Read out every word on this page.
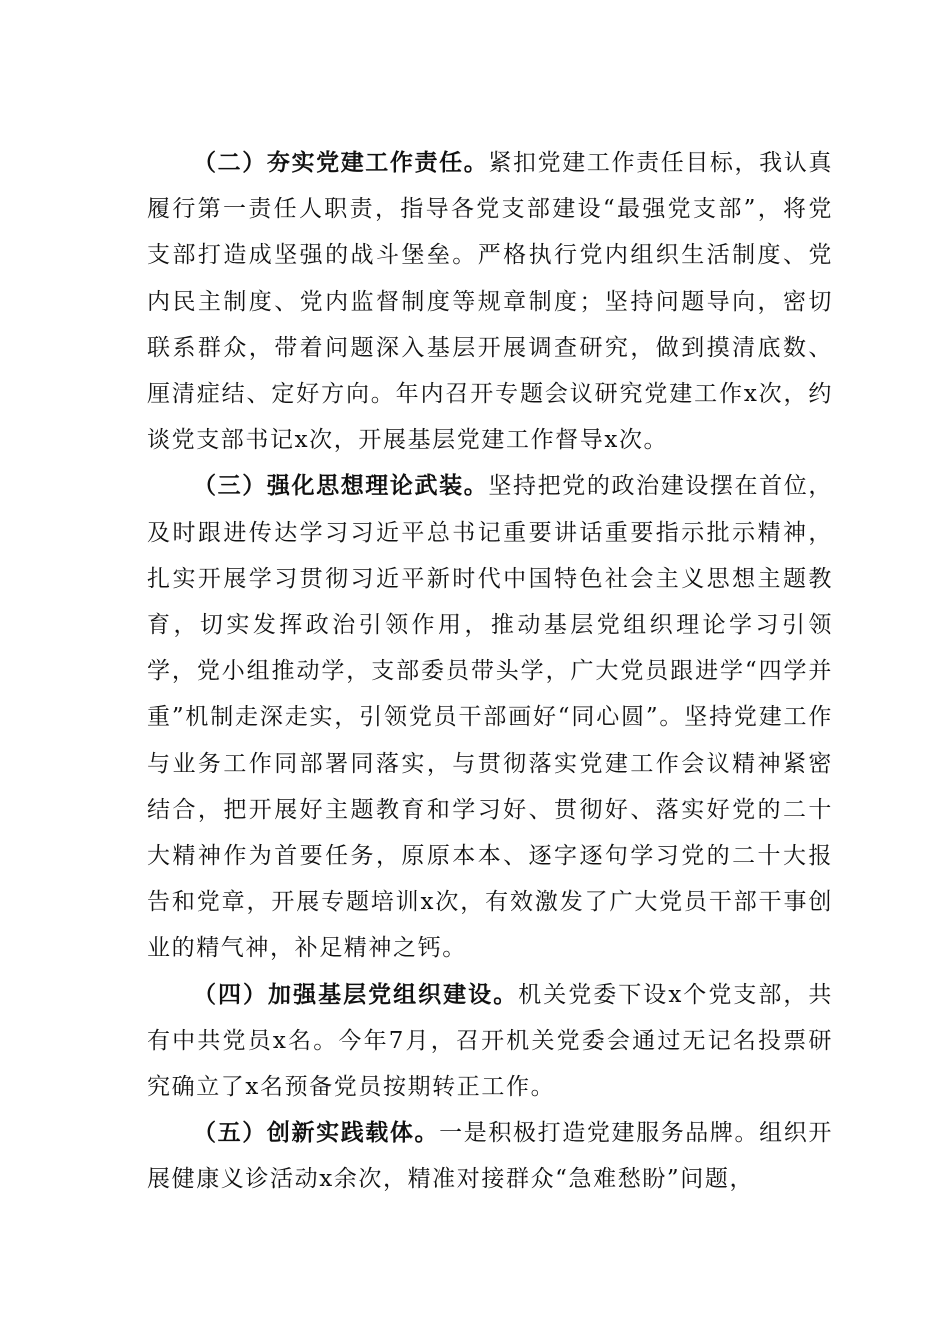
（二）夯实党建工作责任。紧扣党建工作责任目标，我认真履行第一责任人职责，指导各党支部建设“最强党支部”，将党支部打造成坚强的战斗堡垒。严格执行党内组织生活制度、党内民主制度、党内监督制度等规章制度；坚持问题导向，密切联系群众，带着问题深入基层开展调查研究，做到摸清底数、厘清症结、定好方向。年内召开专题会议研究党建工作x次，约谈党支部书记x次，开展基层党建工作督导x次。

（三）强化思想理论武装。坚持把党的政治建设摆在首位，及时跟进传达学习习近平总书记重要讲话重要指示批示精神，扎实开展学习贯彻习近平新时代中国特色社会主义思想主题教育，切实发挥政治引领作用，推动基层党组织理论学习引领学，党小组推动学，支部委员带头学，广大党员跟进学“四学并重”机制走深走实，引领党员干部画好“同心圆”。坚持党建工作与业务工作同部署同落实，与贯彻落实党建工作会议精神紧密结合，把开展好主题教育和学习好、贯彻好、落实好党的二十大精神作为首要任务，原原本本、逐字逐句学习党的二十大报告和党章，开展专题培训x次，有效激发了广大党员干部干事创业的精气神，补足精神之钙。

（四）加强基层党组织建设。机关党委下设x个党支部，共有中共党员x名。今年7月，召开机关党委会通过无记名投票研究确立了x名预备党员按期转正工作。

（五）创新实践载体。一是积极打造党建服务品牌。组织开展健康义诊活动x余次，精准对接群众“急难愁盼”问题，
